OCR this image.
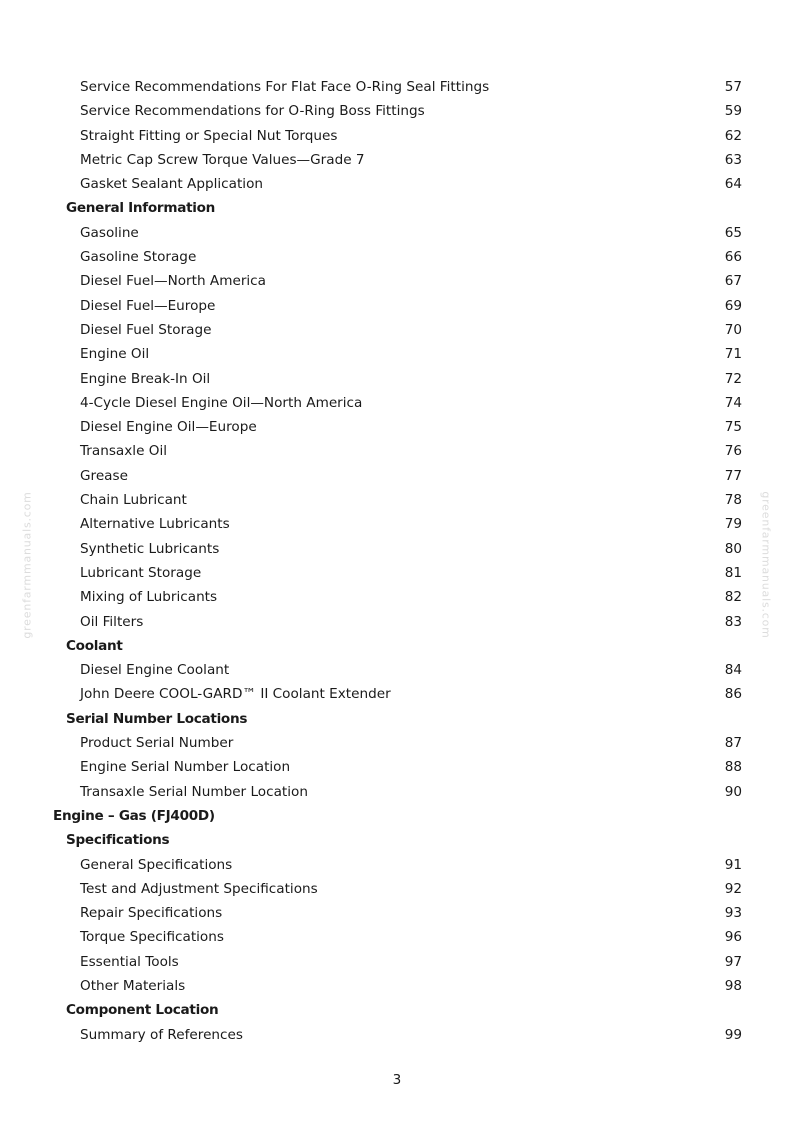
greenfarmmanuals.com	greenfarmmanuals.com
Service Recommendations For Flat Face O-Ring Seal Fittings	57
Service Recommendations for O-Ring Boss Fittings	59
Straight Fitting or Special Nut Torques	62
Metric Cap Screw Torque Values—Grade 7	63
Gasket Sealant Application	64
General Information
Gasoline	65
Gasoline Storage	66
Diesel Fuel—North America	67
Diesel Fuel—Europe	69
Diesel Fuel Storage	70
Engine Oil	71
Engine Break-In Oil	72
4-Cycle Diesel Engine Oil—North America	74
Diesel Engine Oil—Europe	75
Transaxle Oil	76
Grease	77
Chain Lubricant	78
Alternative Lubricants	79
Synthetic Lubricants	80
Lubricant Storage	81
Mixing of Lubricants	82
Oil Filters	83
Coolant
Diesel Engine Coolant	84
John Deere COOL-GARD™ II Coolant Extender	86
Serial Number Locations
Product Serial Number	87
Engine Serial Number Location	88
Transaxle Serial Number Location	90
Engine – Gas (FJ400D)
Specifications
General Specifications	91
Test and Adjustment Specifications	92
Repair Specifications	93
Torque Specifications	96
Essential Tools	97
Other Materials	98
Component Location
Summary of References	99
3
